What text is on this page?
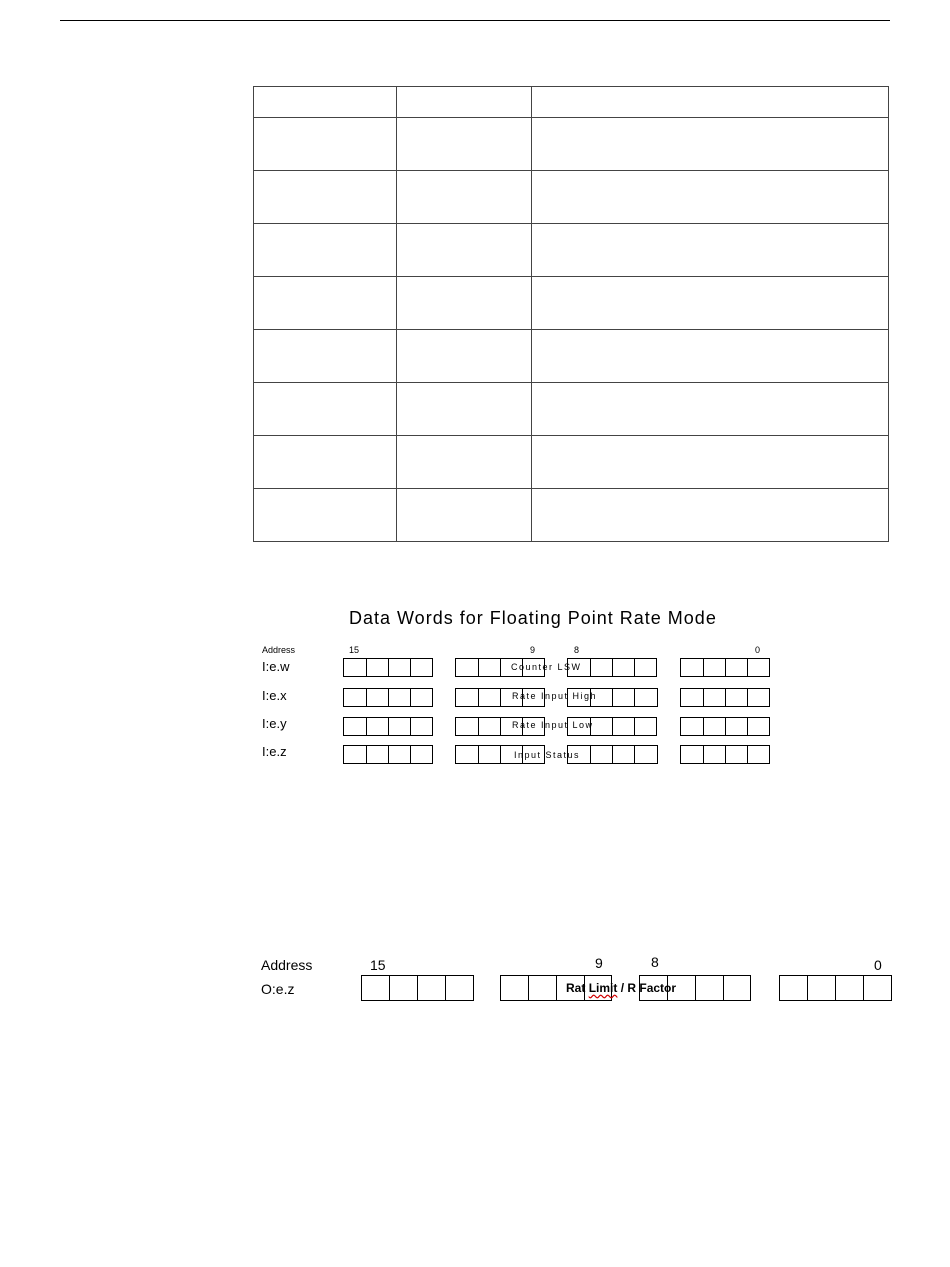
Data Words for Floating Point Rate Mode
Address	15	9	8	0
I:e.w	Counter LSW
I:e.x	Rate Input High
I:e.y	Rate Input Low
I:e.z	Input Status
Address	15	9	8	0
O:e.z	Rat Limit / R Factor
